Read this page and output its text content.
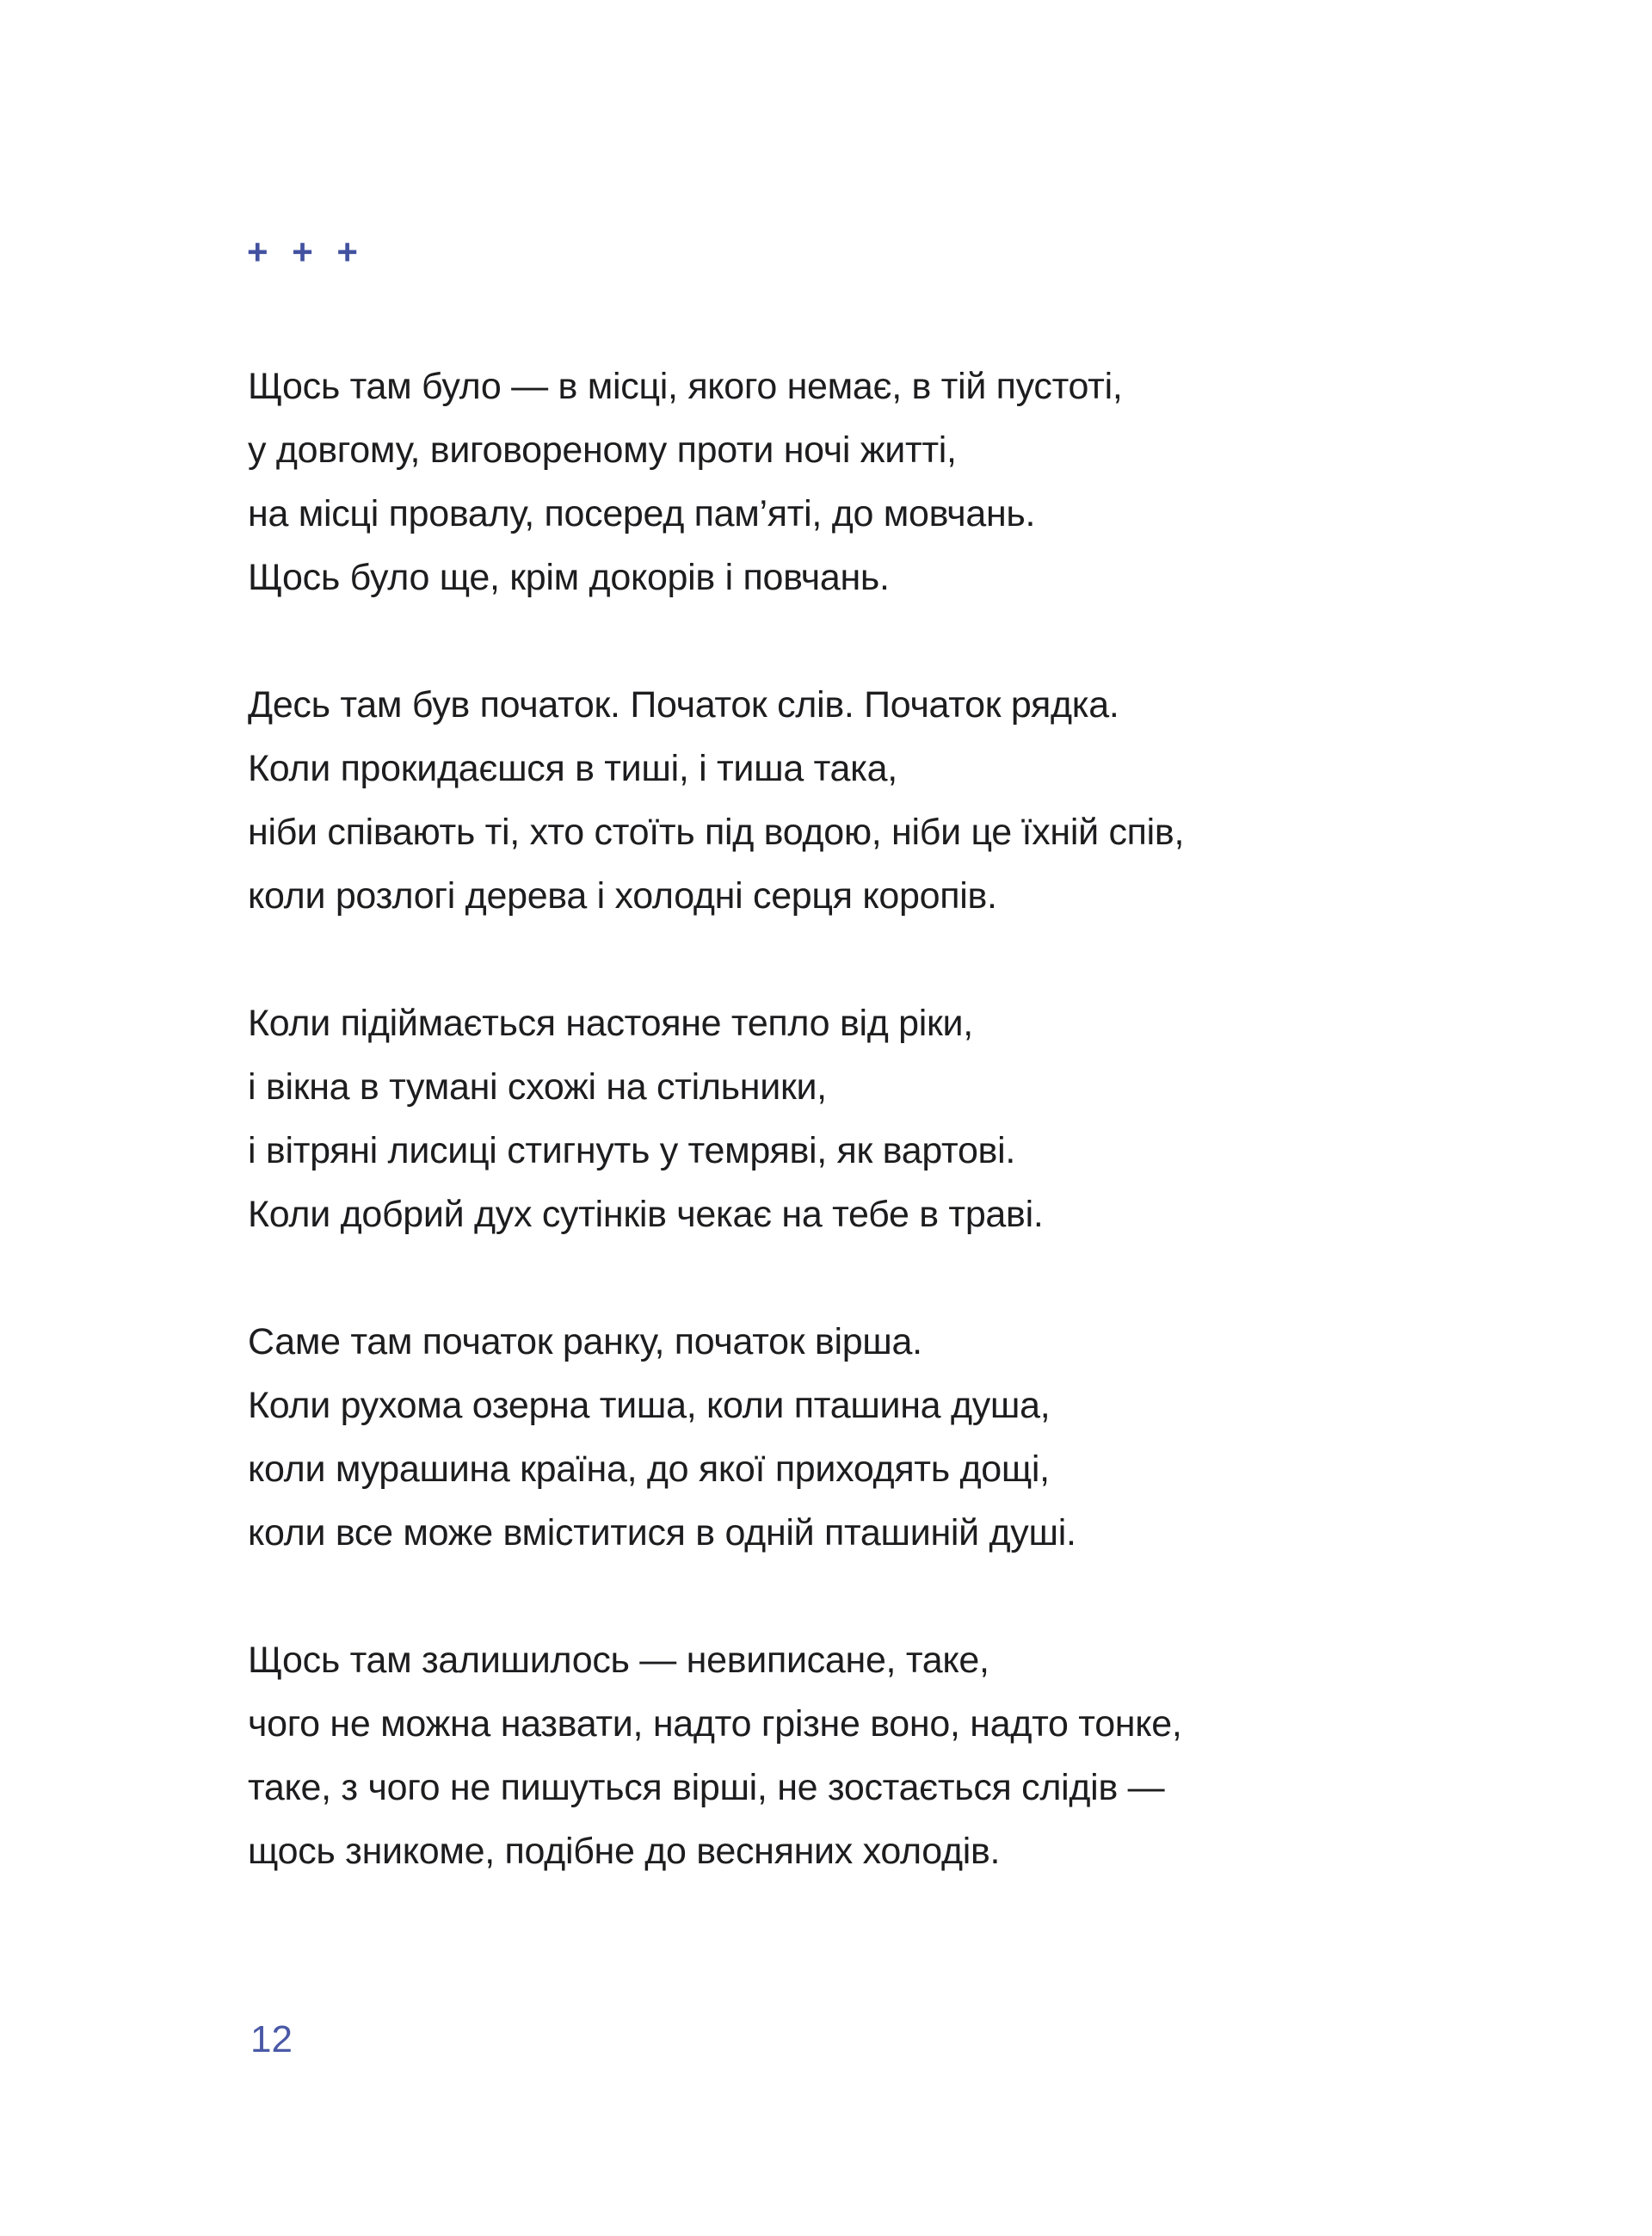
+ + +
Щось там було — в місці, якого немає, в тій пустоті,
у довгому, виговореному проти ночі житті,
на місці провалу, посеред пам’яті, до мовчань.
Щось було ще, крім докорів і повчань.
Десь там був початок. Початок слів. Початок рядка.
Коли прокидаєшся в тиші, і тиша така,
ніби співають ті, хто стоїть під водою, ніби це їхній спів,
коли розлогі дерева і холодні серця коропів.
Коли підіймається настояне тепло від ріки,
і вікна в тумані схожі на стільники,
і вітряні лисиці стигнуть у темряві, як вартові.
Коли добрий дух сутінків чекає на тебе в траві.
Саме там початок ранку, початок вірша.
Коли рухома озерна тиша, коли пташина душа,
коли мурашина країна, до якої приходять дощі,
коли все може вміститися в одній пташиній душі.
Щось там залишилось — невиписане, таке,
чого не можна назвати, надто грізне воно, надто тонке,
таке, з чого не пишуться вірші, не зостається слідів —
щось зникоме, подібне до весняних холодів.
12
